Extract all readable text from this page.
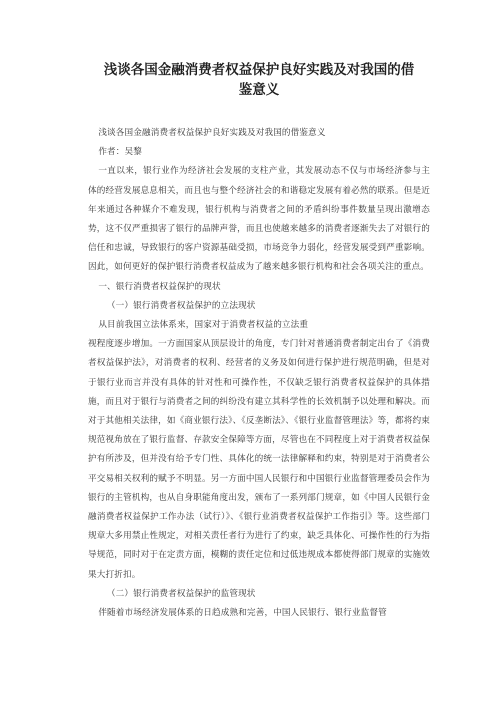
浅谈各国金融消费者权益保护良好实践及对我国的借
鉴意义

浅谈各国金融消费者权益保护良好实践及对我国的借鉴意义

作者：吴黎

一直以来，银行业作为经济社会发展的支柱产业，其发展动态不仅与市场经济参与主体的经营发展息息相关，而且也与整个经济社会的和谐稳定发展有着必然的联系。但是近年来通过各种媒介不难发现，银行机构与消费者之间的矛盾纠纷事件数量呈现出激增态势，这不仅严重损害了银行的品牌声誉，而且也使越来越多的消费者逐渐失去了对银行的信任和忠诚，导致银行的客户资源基础受损，市场竞争力弱化，经营发展受到严重影响。因此，如何更好的保护银行消费者权益成为了越来越多银行机构和社会各项关注的重点。

一、银行消费者权益保护的现状

（一）银行消费者权益保护的立法现状

从目前我国立法体系来，国家对于消费者权益的立法重

视程度逐步增加。一方面国家从顶层设计的角度，专门针对普通消费者制定出台了《消费者权益保护法》，对消费者的权利、经营者的义务及如何进行保护进行规范明确，但是对于银行业而言并没有具体的针对性和可操作性，不仅缺乏银行消费者权益保护的具体措施，而且对于银行与消费者之间的纠纷没有建立其科学性的长效机制予以处理和解决。而对于其他相关法律，如《商业银行法》、《反垄断法》、《银行业监督管理法》等，都将约束规范视角放在了银行监督、存款安全保障等方面，尽管也在不同程度上对于消费者权益保护有所涉及，但并没有给予专门性、具体化的统一法律解释和约束，特别是对于消费者公平交易相关权利的赋予不明显。另一方面中国人民银行和中国银行业监督管理委员会作为银行的主管机构，也从自身职能角度出发，颁布了一系列部门规章，如《中国人民银行金融消费者权益保护工作办法（试行）》、《银行业消费者权益保护工作指引》等。这些部门规章大多用禁止性规定，对相关责任者行为进行了约束，缺乏具体化、可操作性的行为指导规范，同时对于在定责方面，模糊的责任定位和过低违规成本都使得部门规章的实施效果大打折扣。

（二）银行消费者权益保护的监管现状

伴随着市场经济发展体系的日趋成熟和完善，中国人民银行、银行业监督管
